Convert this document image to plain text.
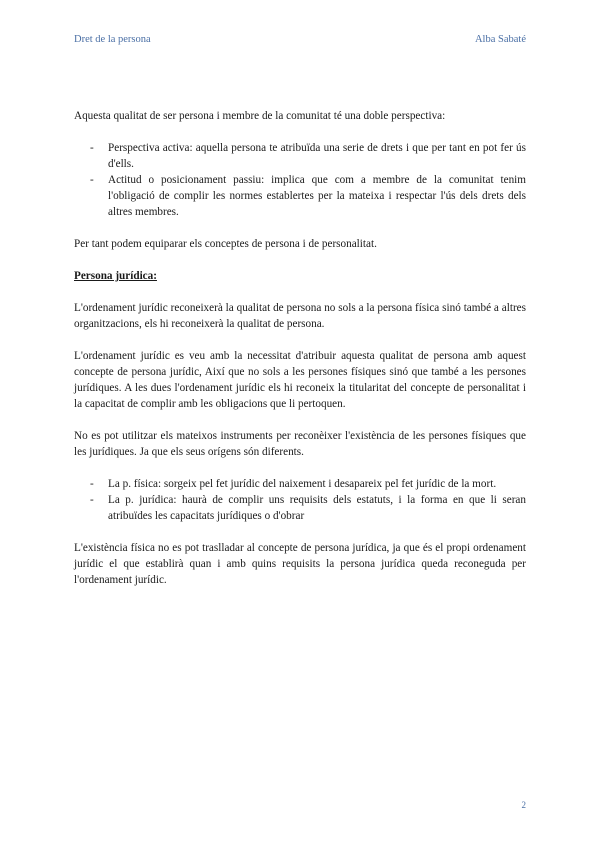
Dret de la persona	Alba Sabaté

Aquesta qualitat de ser persona i membre de la comunitat té una doble perspectiva:

- Perspectiva activa: aquella persona te atribuïda una serie de drets i que per tant en pot fer ús d'ells.
- Actitud o posicionament passiu: implica que com a membre de la comunitat tenim l'obligació de complir les normes establertes per la mateixa i respectar l'ús dels drets dels altres membres.

Per tant podem equiparar els conceptes de persona i de personalitat.

Persona jurídica:

L'ordenament jurídic reconeixerà la qualitat de persona no sols a la persona física sinó també a altres organitzacions, els hi reconeixerà la qualitat de persona.

L'ordenament jurídic es veu amb la necessitat d'atribuir aquesta qualitat de persona amb aquest concepte de persona jurídic, Així que no sols a les persones físiques sinó que també a les persones jurídiques. A les dues l'ordenament jurídic els hi reconeix la titularitat del concepte de personalitat i la capacitat de complir amb les obligacions que li pertoquen.

No es pot utilitzar els mateixos instruments per reconèixer l'existència de les persones físiques que les jurídiques. Ja que els seus orígens són diferents.

- La p. física: sorgeix pel fet jurídic del naixement i desapareix pel fet jurídic de la mort.
- La p. jurídica: haurà de complir uns requisits dels estatuts, i la forma en que li seran atribuïdes les capacitats jurídiques o d'obrar

L'existència física no es pot traslladar al concepte de persona jurídica, ja que és el propi ordenament jurídic el que establirà quan i amb quins requisits la persona jurídica queda reconeguda per l'ordenament jurídic.

2
